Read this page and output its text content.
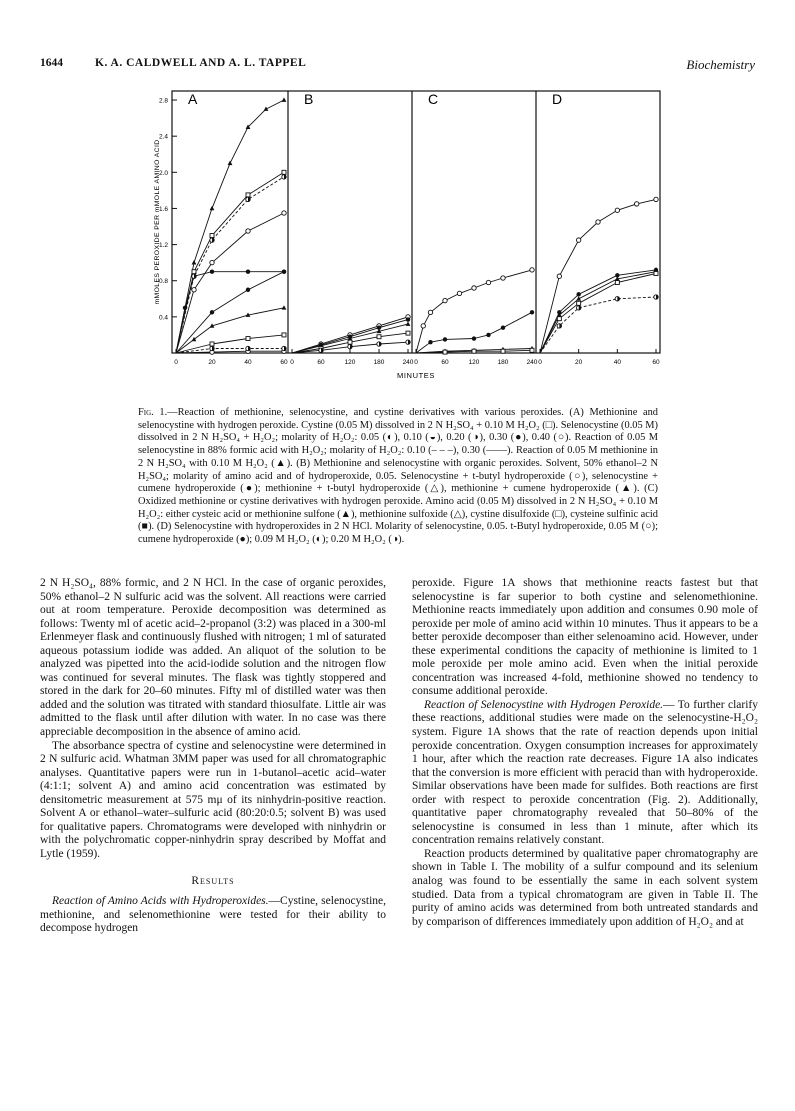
1644	K. A. CALDWELL AND A. L. TAPPEL	Biochemistry
0.4
0.8
1.2
1.6
2.0
2.4
2.8 A	B	C	D
0	20	40	60 0	60	120	180	240 0	60	120	180	240 0	20	40	60
mMOLES PEROXIDE PER mMOLE AMINO ACID
MINUTES
Fig. 1.—Reaction of methionine, selenocystine, and cystine derivatives with various peroxides. (A) Methionine and selenocystine with hydrogen peroxide. Cystine (0.05 M) dissolved in 2 N H₂SO₄ + 0.10 M H₂O₂ (□). Selenocystine (0.05 M) dissolved in 2 N H₂SO₄ + H₂O₂; molarity of H₂O₂: 0.05 (◐), 0.10 (◒), 0.20 (◑), 0.30 (●), 0.40 (○). Reaction of 0.05 M selenocystine in 88% formic acid with H₂O₂; molarity of H₂O₂: 0.10 (– – –), 0.30 (——). Reaction of 0.05 M methionine in 2 N H₂SO₄ with 0.10 M H₂O₂ (▲). (B) Methionine and selenocystine with organic peroxides. Solvent, 50% ethanol–2 N H₂SO₄; molarity of amino acid and of hydroperoxide, 0.05. Selenocystine + t-butyl hydroperoxide (○), selenocystine + cumene hydroperoxide (●); methionine + t-butyl hydroperoxide (△), methionine + cumene hydroperoxide (▲). (C) Oxidized methionine or cystine derivatives with hydrogen peroxide. Amino acid (0.05 M) dissolved in 2 N H₂SO₄ + 0.10 M H₂O₂: either cysteic acid or methionine sulfone (▲), methionine sulfoxide (△), cystine disulfoxide (□), cysteine sulfinic acid (■). (D) Selenocystine with hydroperoxides in 2 N HCl. Molarity of selenocystine, 0.05. t-Butyl hydroperoxide, 0.05 M (○); cumene hydroperoxide (●); 0.09 M H₂O₂ (◐); 0.20 M H₂O₂ (◑).

2 N H₂SO₄, 88% formic, and 2 N HCl. In the case of organic peroxides, 50% ethanol–2 N sulfuric acid was the solvent. All reactions were carried out at room temperature. Peroxide decomposition was determined as follows: Twenty ml of acetic acid–2-propanol (3:2) was placed in a 300-ml Erlenmeyer flask and continuously flushed with nitrogen; 1 ml of saturated aqueous potassium iodide was added. An aliquot of the solution to be analyzed was pipetted into the acid-iodide solution and the nitrogen flow was continued for several minutes. The flask was tightly stoppered and stored in the dark for 20–60 minutes. Fifty ml of distilled water was then added and the solution was titrated with standard thiosulfate. Little air was admitted to the flask until after dilution with water. In no case was there appreciable decomposition in the absence of amino acid.

The absorbance spectra of cystine and selenocystine were determined in 2 N sulfuric acid. Whatman 3MM paper was used for all chromatographic analyses. Quantitative papers were run in 1-butanol–acetic acid–water (4:1:1; solvent A) and amino acid concentration was estimated by densitometric measurement at 575 mμ of its ninhydrin-positive reaction. Solvent A or ethanol–water–sulfuric acid (80:20:0.5; solvent B) was used for qualitative papers. Chromatograms were developed with ninhydrin or with the polychromatic copper-ninhydrin spray described by Moffat and Lytle (1959).

Results

Reaction of Amino Acids with Hydroperoxides.—Cystine, selenocystine, methionine, and selenomethionine were tested for their ability to decompose hydrogen

peroxide. Figure 1A shows that methionine reacts fastest but that selenocystine is far superior to both cystine and selenomethionine. Methionine reacts immediately upon addition and consumes 0.90 mole of peroxide per mole of amino acid within 10 minutes. Thus it appears to be a better peroxide decomposer than either selenoamino acid. However, under these experimental conditions the capacity of methionine is limited to 1 mole peroxide per mole amino acid. Even when the initial peroxide concentration was increased 4-fold, methionine showed no tendency to consume additional peroxide.

Reaction of Selenocystine with Hydrogen Peroxide.— To further clarify these reactions, additional studies were made on the selenocystine-H₂O₂ system. Figure 1A shows that the rate of reaction depends upon initial peroxide concentration. Oxygen consumption increases for approximately 1 hour, after which the reaction rate decreases. Figure 1A also indicates that the conversion is more efficient with peracid than with hydroperoxide. Similar observations have been made for sulfides. Both reactions are first order with respect to peroxide concentration (Fig. 2). Additionally, quantitative paper chromatography revealed that 50–80% of the selenocystine is consumed in less than 1 minute, after which its concentration remains relatively constant.

Reaction products determined by qualitative paper chromatography are shown in Table I. The mobility of a sulfur compound and its selenium analog was found to be essentially the same in each solvent system studied. Data from a typical chromatogram are given in Table II. The purity of amino acids was determined from both untreated standards and by comparison of differences immediately upon addition of H₂O₂ and at
